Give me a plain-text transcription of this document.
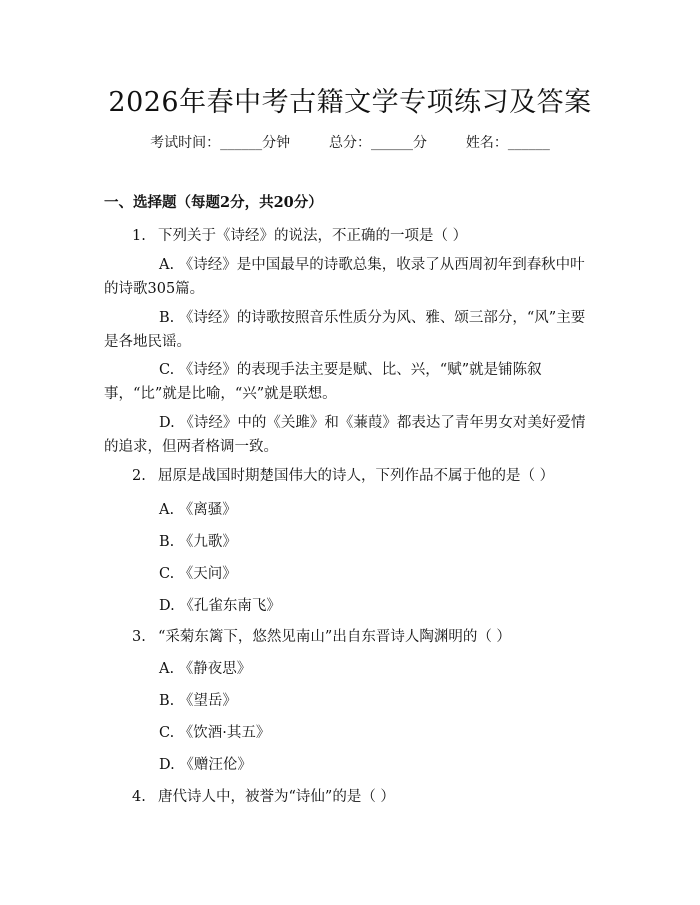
2026年春中考古籍文学专项练习及答案
考试时间：______分钟	总分：______分	姓名：______
一、选择题（每题2分，共20分）
1. 下列关于《诗经》的说法，不正确的一项是（ ）
A. 《诗经》是中国最早的诗歌总集，收录了从西周初年到春秋中叶的诗歌305篇。
B. 《诗经》的诗歌按照音乐性质分为风、雅、颂三部分，“风”主要是各地民谣。
C. 《诗经》的表现手法主要是赋、比、兴，“赋”就是铺陈叙事，“比”就是比喻，“兴”就是联想。
D. 《诗经》中的《关雎》和《蒹葭》都表达了青年男女对美好爱情的追求，但两者格调一致。
2. 屈原是战国时期楚国伟大的诗人，下列作品不属于他的是（ ）
A. 《离骚》
B. 《九歌》
C. 《天问》
D. 《孔雀东南飞》
3. “采菊东篱下，悠然见南山”出自东晋诗人陶渊明的（ ）
A. 《静夜思》
B. 《望岳》
C. 《饮酒·其五》
D. 《赠汪伦》
4. 唐代诗人中，被誉为“诗仙”的是（ ）
